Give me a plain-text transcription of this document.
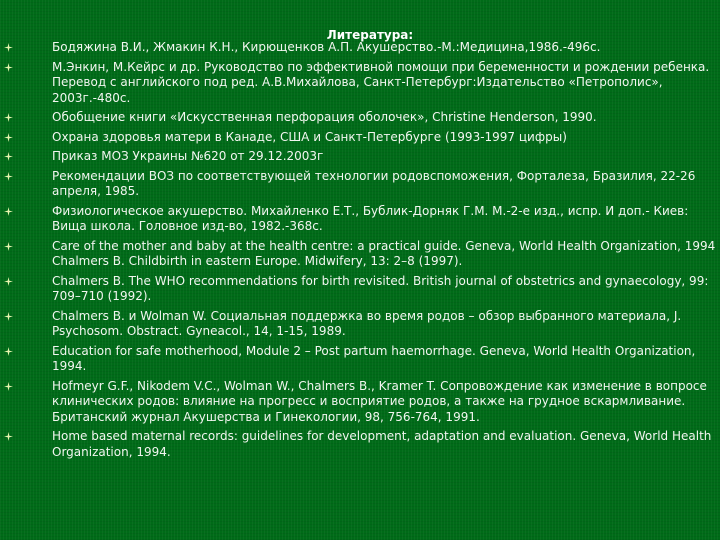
Литература:
Бодяжина В.И., Жмакин К.Н., Кирющенков А.П. Акушерство.-М.:Медицина,1986.-496с.
М.Энкин, М.Кейрс и др. Руководство по эффективной помощи при беременности и рождении ребенка. Перевод с английского под ред. А.В.Михайлова, Санкт-Петербург:Издательство «Петрополис», 2003г.-480с.
Обобщение книги «Искусственная перфорация оболочек», Christine Henderson, 1990.
Охрана здоровья матери в Канаде, США и Санкт-Петербурге (1993-1997 цифры)
Приказ МОЗ Украины №620 от 29.12.2003г
Рекомендации ВОЗ по соответствующей технологии родовспоможения, Форталеза, Бразилия, 22-26 апреля, 1985.
Физиологическое акушерство. Михайленко Е.Т., Бублик-Дорняк Г.М. М.-2-е изд., испр. И доп.- Киев: Вища школа. Головное изд-во, 1982.-368с.
Care of the mother and baby at the health centre: a practical guide. Geneva, World Health Organization, 1994 Chalmers B. Childbirth in eastern Europe. Midwifery, 13: 2–8 (1997).
Chalmers B. The WHO recommendations for birth revisited. British journal of obstetrics and gynaecology, 99: 709–710 (1992).
Chalmers B. и Wolman W. Социальная поддержка во время родов – обзор выбранного материала, J. Psychosom. Obstract. Gyneacol., 14, 1-15, 1989.
Education for safe motherhood, Module 2 – Post partum haemorrhage. Geneva, World Health Organization, 1994.
Hofmeyr G.F., Nikodem V.C., Wolman W., Chalmers B., Kramer T. Сопровождение как изменение в вопросе клинических родов: влияние на прогресс и восприятие родов, а также на грудное вскармливание. Британский журнал Акушерства и Гинекологии, 98, 756-764, 1991.
Home based maternal records: guidelines for development, adaptation and evaluation. Geneva, World Health Organization, 1994.
